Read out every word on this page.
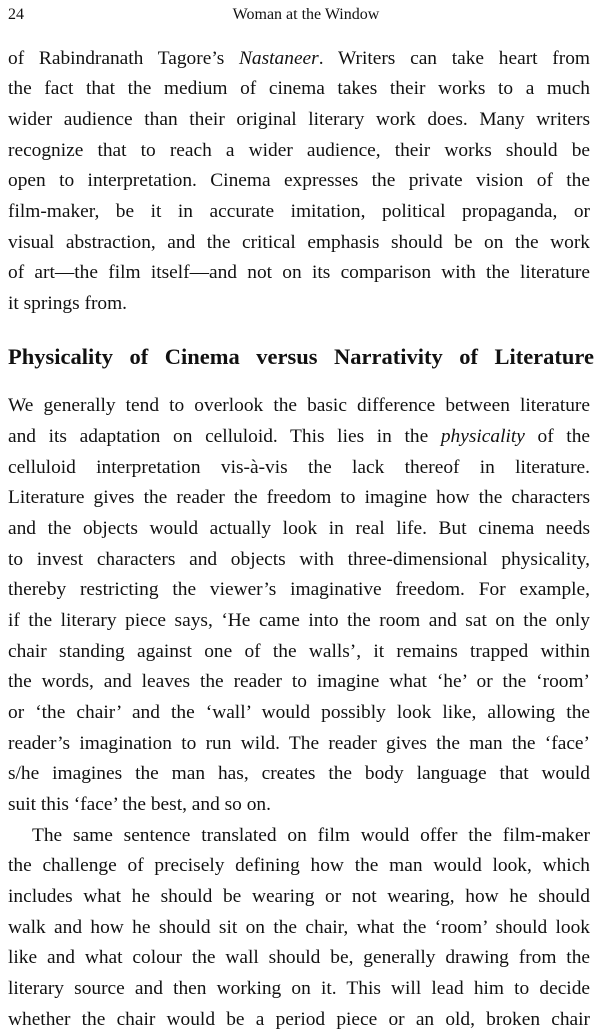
24	Woman at the Window
of Rabindranath Tagore’s Nastaneer. Writers can take heart from
the fact that the medium of cinema takes their works to a much
wider audience than their original literary work does. Many writers
recognize that to reach a wider audience, their works should be
open to interpretation. Cinema expresses the private vision of the
film-maker, be it in accurate imitation, political propaganda, or
visual abstraction, and the critical emphasis should be on the work
of art—the film itself—and not on its comparison with the literature
it springs from.
Physicality of Cinema versus Narrativity of Literature
We generally tend to overlook the basic difference between literature
and its adaptation on celluloid. This lies in the physicality of the
celluloid interpretation vis-à-vis the lack thereof in literature.
Literature gives the reader the freedom to imagine how the characters
and the objects would actually look in real life. But cinema needs
to invest characters and objects with three-dimensional physicality,
thereby restricting the viewer’s imaginative freedom. For example,
if the literary piece says, ‘He came into the room and sat on the only
chair standing against one of the walls’, it remains trapped within
the words, and leaves the reader to imagine what ‘he’ or the ‘room’
or ‘the chair’ and the ‘wall’ would possibly look like, allowing the
reader’s imagination to run wild. The reader gives the man the ‘face’
s/he imagines the man has, creates the body language that would
suit this ‘face’ the best, and so on.
The same sentence translated on film would offer the film-maker
the challenge of precisely defining how the man would look, which
includes what he should be wearing or not wearing, how he should
walk and how he should sit on the chair, what the ‘room’ should look
like and what colour the wall should be, generally drawing from the
literary source and then working on it. This will lead him to decide
whether the chair would be a period piece or an old, broken chair
